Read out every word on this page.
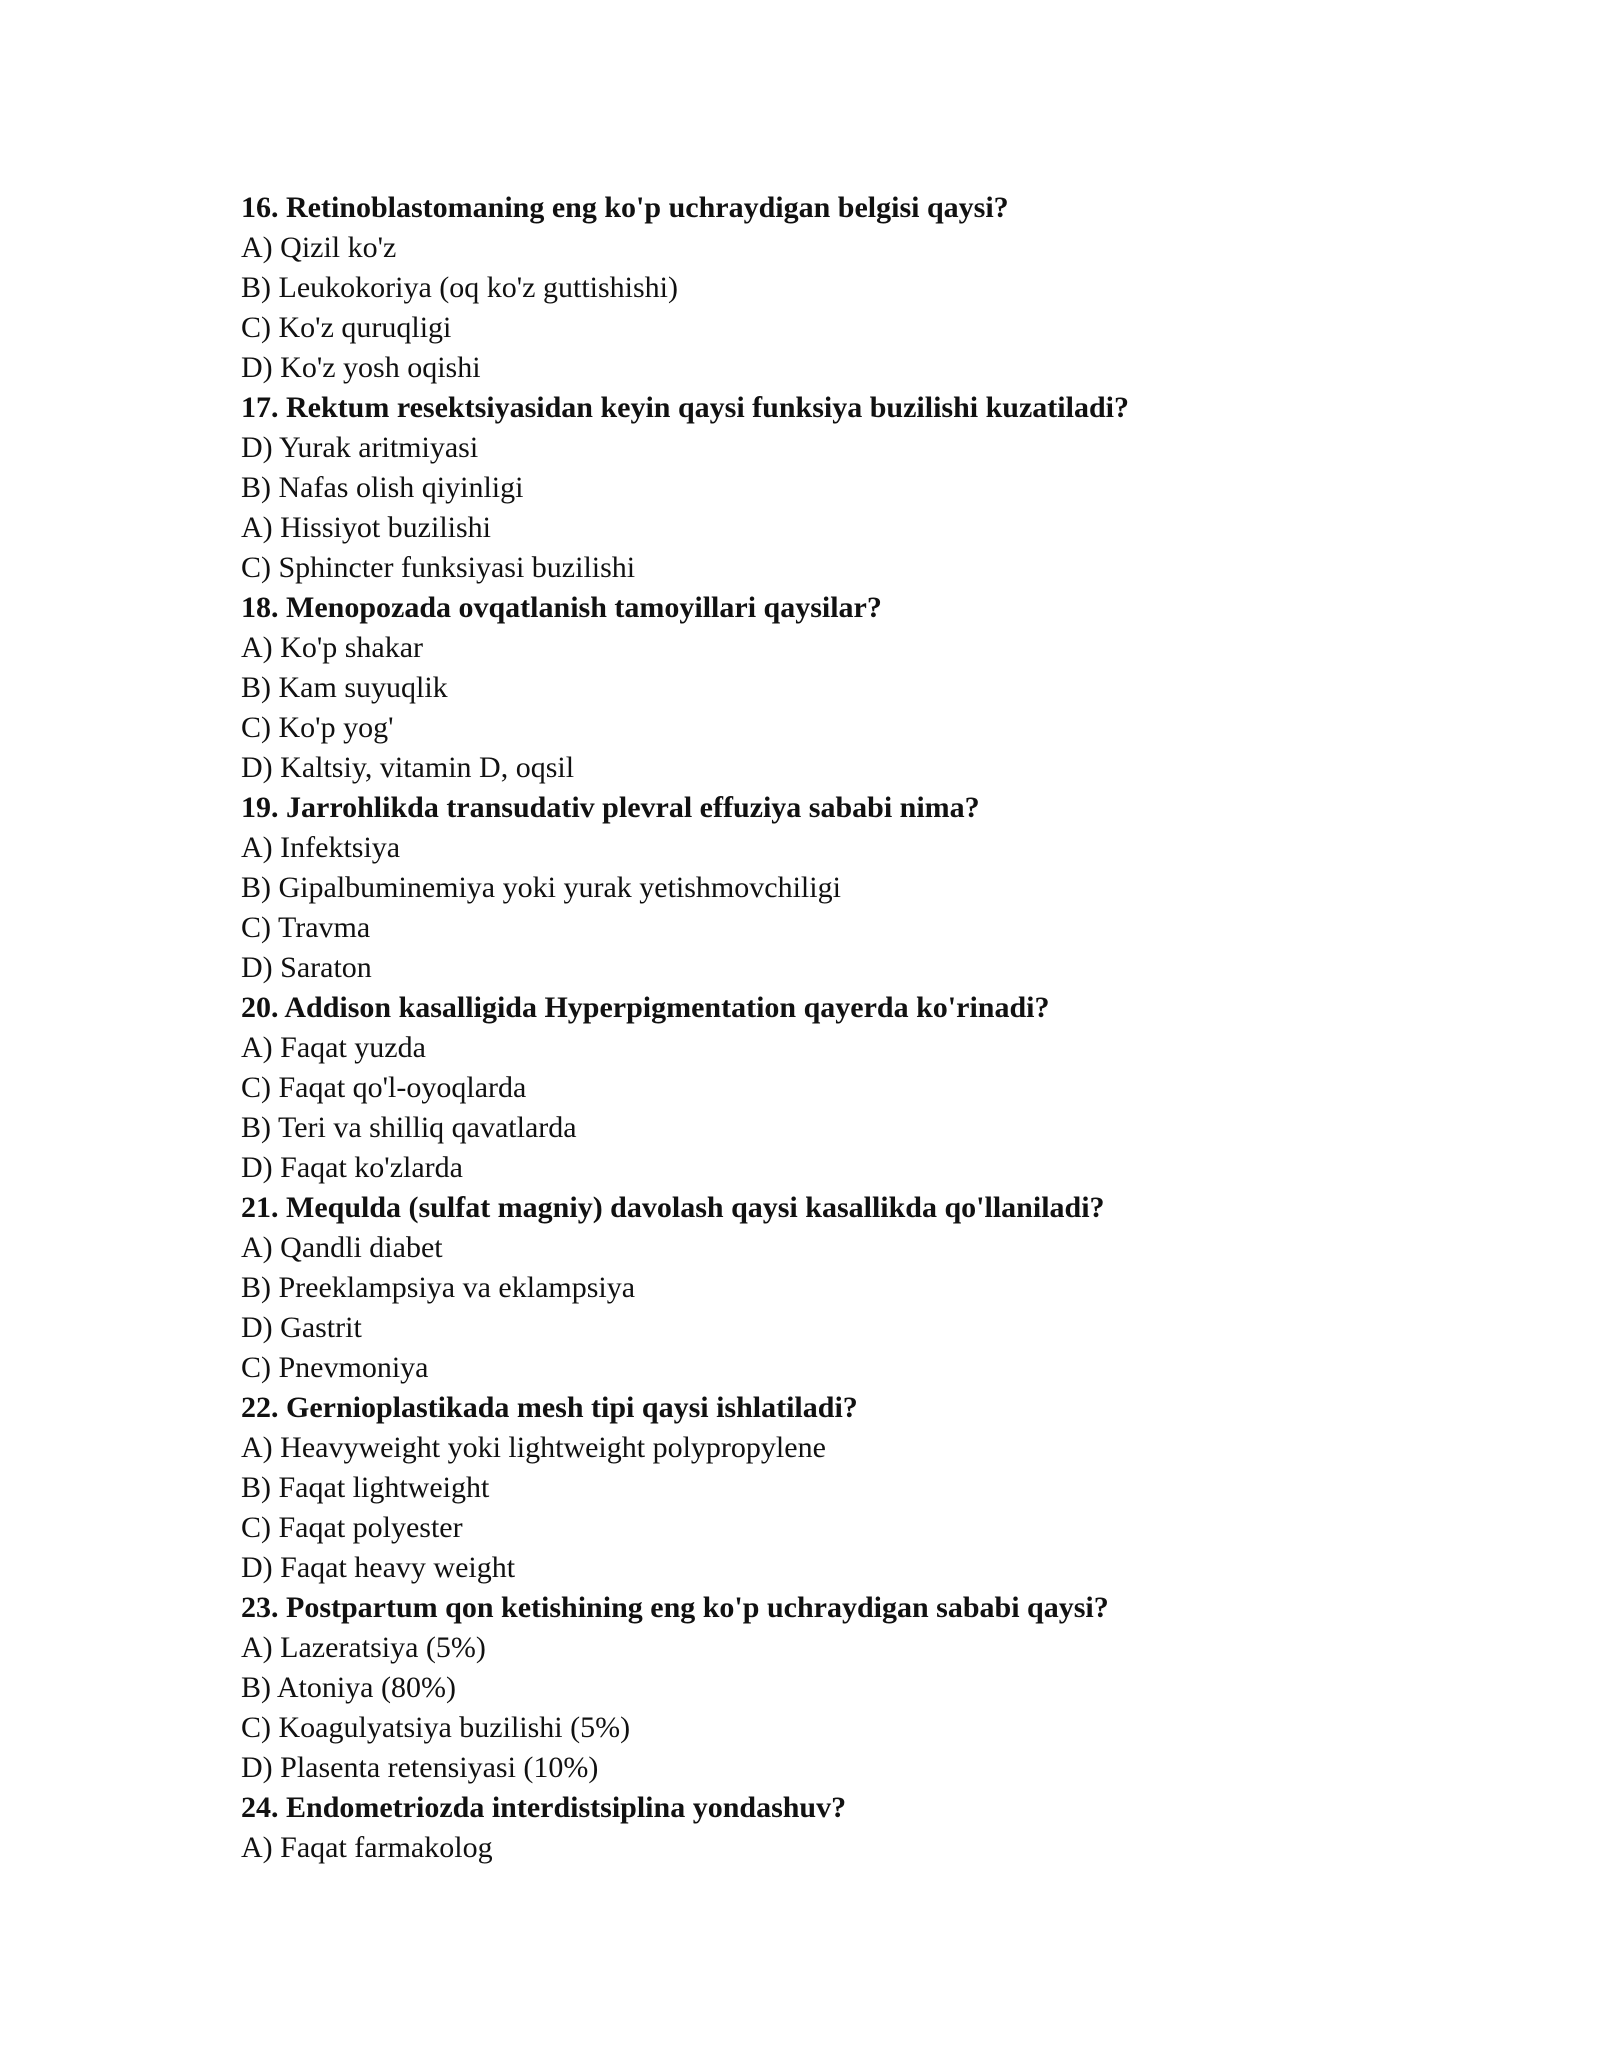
16. Retinoblastomaning eng ko'p uchraydigan belgisi qaysi?
A) Qizil ko'z
B) Leukokoriya (oq ko'z guttishishi)
C) Ko'z quruqligi
D) Ko'z yosh oqishi
17. Rektum resektsiyasidan keyin qaysi funksiya buzilishi kuzatiladi?
D) Yurak aritmiyasi
B) Nafas olish qiyinligi
A) Hissiyot buzilishi
C) Sphincter funksiyasi buzilishi
18. Menopozada ovqatlanish tamoyillari qaysilar?
A) Ko'p shakar
B) Kam suyuqlik
C) Ko'p yog'
D) Kaltsiy, vitamin D, oqsil
19. Jarrohlikda transudativ plevral effuziya sababi nima?
A) Infektsiya
B) Gipalbuminemiya yoki yurak yetishmovchiligi
C) Travma
D) Saraton
20. Addison kasalligida Hyperpigmentation qayerda ko'rinadi?
A) Faqat yuzda
C) Faqat qo'l-oyoqlarda
B) Teri va shilliq qavatlarda
D) Faqat ko'zlarda
21. Mequlda (sulfat magniy) davolash qaysi kasallikda qo'llaniladi?
A) Qandli diabet
B) Preeklampsiya va eklampsiya
D) Gastrit
C) Pnevmoniya
22. Gernioplastikada mesh tipi qaysi ishlatiladi?
A) Heavyweight yoki lightweight polypropylene
B) Faqat lightweight
C) Faqat polyester
D) Faqat heavy weight
23. Postpartum qon ketishining eng ko'p uchraydigan sababi qaysi?
A) Lazeratsiya (5%)
B) Atoniya (80%)
C) Koagulyatsiya buzilishi (5%)
D) Plasenta retensiyasi (10%)
24. Endometriozda interdistsiplina yondashuv?
A) Faqat farmakolog
